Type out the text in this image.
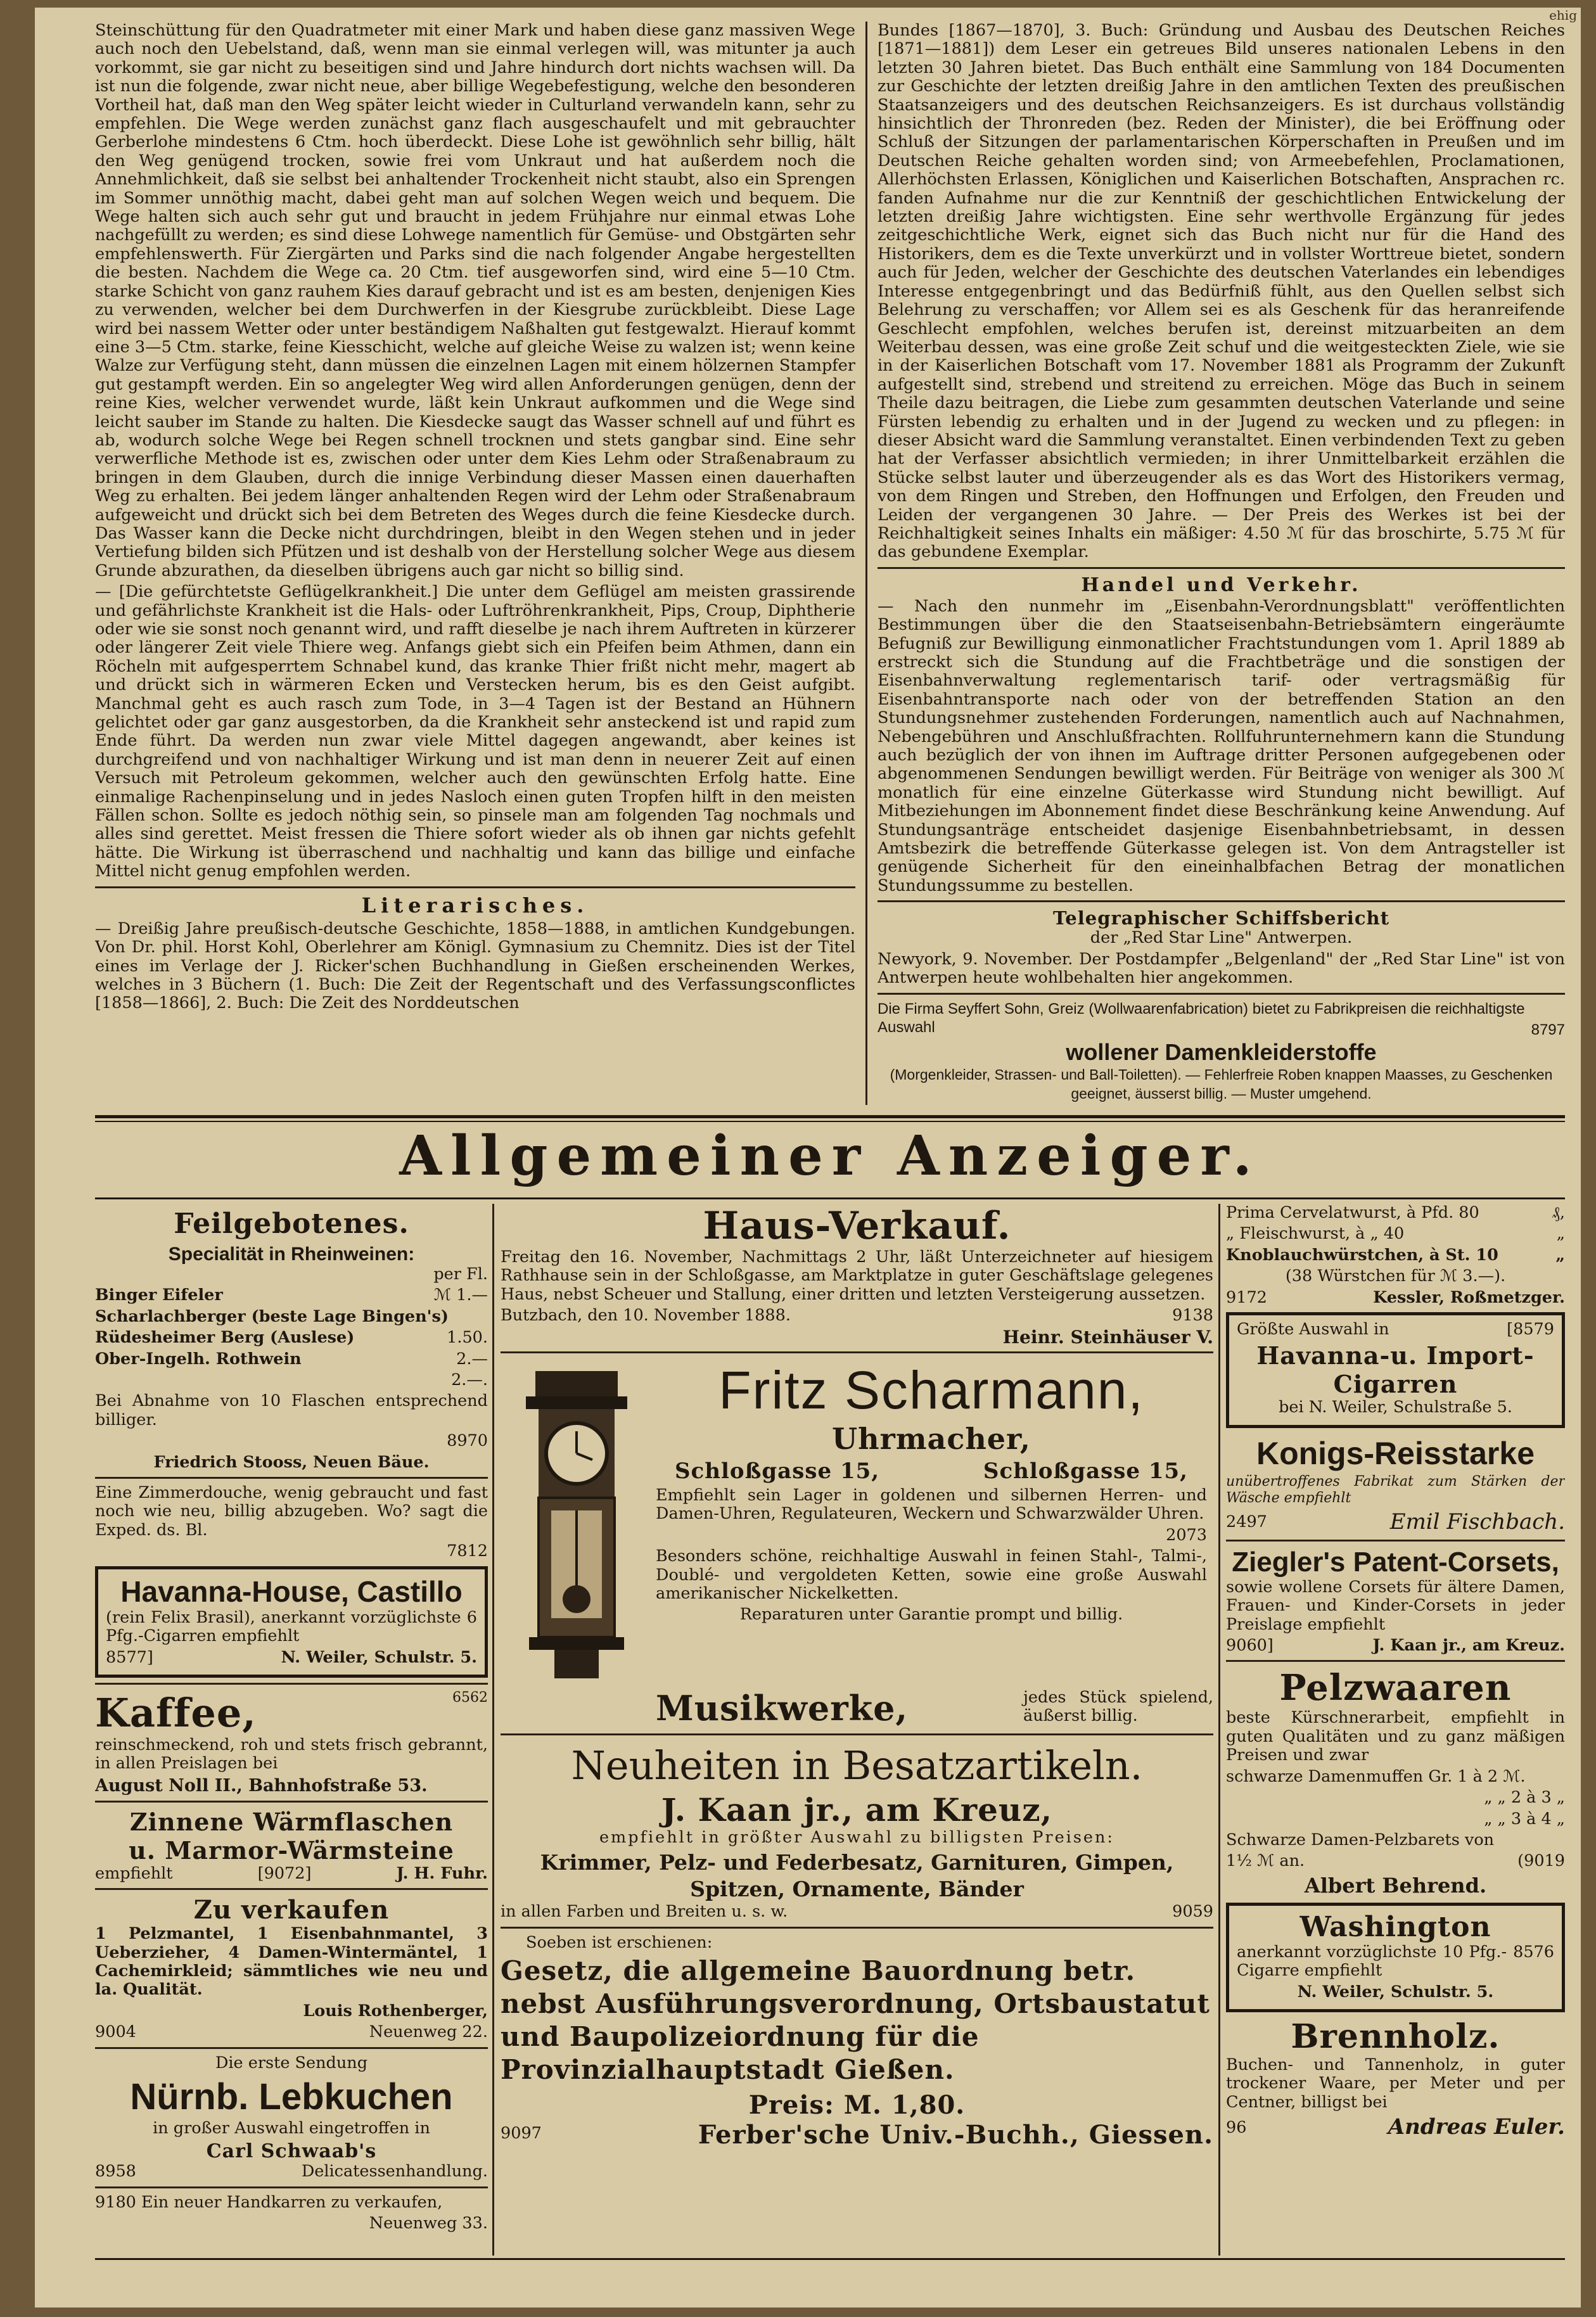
ehig

Steinschüttung für den Quadratmeter mit einer Mark und haben diese ganz massiven Wege auch noch den Uebelstand, daß, wenn man sie einmal verlegen will, was mitunter ja auch vorkommt, sie gar nicht zu beseitigen sind und Jahre hindurch dort nichts wachsen will. Da ist nun die folgende, zwar nicht neue, aber billige Wegebefestigung, welche den besonderen Vortheil hat, daß man den Weg später leicht wieder in Culturland verwandeln kann, sehr zu empfehlen. Die Wege werden zunächst ganz flach ausgeschaufelt und mit gebrauchter Gerberlohe mindestens 6 Ctm. hoch überdeckt. Diese Lohe ist gewöhnlich sehr billig, hält den Weg genügend trocken, sowie frei vom Unkraut und hat außerdem noch die Annehmlichkeit, daß sie selbst bei anhaltender Trockenheit nicht staubt, also ein Sprengen im Sommer unnöthig macht, dabei geht man auf solchen Wegen weich und bequem. Die Wege halten sich auch sehr gut und braucht in jedem Frühjahre nur einmal etwas Lohe nachgefüllt zu werden; es sind diese Lohwege namentlich für Gemüse- und Obstgärten sehr empfehlenswerth. Für Ziergärten und Parks sind die nach folgender Angabe hergestellten die besten. Nachdem die Wege ca. 20 Ctm. tief ausgeworfen sind, wird eine 5—10 Ctm. starke Schicht von ganz rauhem Kies darauf gebracht und ist es am besten, denjenigen Kies zu verwenden, welcher bei dem Durchwerfen in der Kiesgrube zurückbleibt. Diese Lage wird bei nassem Wetter oder unter beständigem Naßhalten gut festgewalzt. Hierauf kommt eine 3—5 Ctm. starke, feine Kiesschicht, welche auf gleiche Weise zu walzen ist; wenn keine Walze zur Verfügung steht, dann müssen die einzelnen Lagen mit einem hölzernen Stampfer gut gestampft werden. Ein so angelegter Weg wird allen Anforderungen genügen, denn der reine Kies, welcher verwendet wurde, läßt kein Unkraut aufkommen und die Wege sind leicht sauber im Stande zu halten. Die Kiesdecke saugt das Wasser schnell auf und führt es ab, wodurch solche Wege bei Regen schnell trocknen und stets gangbar sind. Eine sehr verwerfliche Methode ist es, zwischen oder unter dem Kies Lehm oder Straßenabraum zu bringen in dem Glauben, durch die innige Verbindung dieser Massen einen dauerhaften Weg zu erhalten. Bei jedem länger anhaltenden Regen wird der Lehm oder Straßenabraum aufgeweicht und drückt sich bei dem Betreten des Weges durch die feine Kiesdecke durch. Das Wasser kann die Decke nicht durchdringen, bleibt in den Wegen stehen und in jeder Vertiefung bilden sich Pfützen und ist deshalb von der Herstellung solcher Wege aus diesem Grunde abzurathen, da dieselben übrigens auch gar nicht so billig sind.

— [Die gefürchtetste Geflügelkrankheit.] Die unter dem Geflügel am meisten grassirende und gefährlichste Krankheit ist die Hals- oder Luftröhrenkrankheit, Pips, Croup, Diphtherie oder wie sie sonst noch genannt wird, und rafft dieselbe je nach ihrem Auftreten in kürzerer oder längerer Zeit viele Thiere weg. Anfangs giebt sich ein Pfeifen beim Athmen, dann ein Röcheln mit aufgesperrtem Schnabel kund, das kranke Thier frißt nicht mehr, magert ab und drückt sich in wärmeren Ecken und Verstecken herum, bis es den Geist aufgibt. Manchmal geht es auch rasch zum Tode, in 3—4 Tagen ist der Bestand an Hühnern gelichtet oder gar ganz ausgestorben, da die Krankheit sehr ansteckend ist und rapid zum Ende führt. Da werden nun zwar viele Mittel dagegen angewandt, aber keines ist durchgreifend und von nachhaltiger Wirkung und ist man denn in neuerer Zeit auf einen Versuch mit Petroleum gekommen, welcher auch den gewünschten Erfolg hatte. Eine einmalige Rachenpinselung und in jedes Nasloch einen guten Tropfen hilft in den meisten Fällen schon. Sollte es jedoch nöthig sein, so pinsele man am folgenden Tag nochmals und alles sind gerettet. Meist fressen die Thiere sofort wieder als ob ihnen gar nichts gefehlt hätte. Die Wirkung ist überraschend und nachhaltig und kann das billige und einfache Mittel nicht genug empfohlen werden.

Literarisches.

— Dreißig Jahre preußisch-deutsche Geschichte, 1858—1888, in amtlichen Kundgebungen. Von Dr. phil. Horst Kohl, Oberlehrer am Königl. Gymnasium zu Chemnitz. Dies ist der Titel eines im Verlage der J. Ricker'schen Buchhandlung in Gießen erscheinenden Werkes, welches in 3 Büchern (1. Buch: Die Zeit der Regentschaft und des Verfassungsconflictes [1858—1866], 2. Buch: Die Zeit des Norddeutschen

Bundes [1867—1870], 3. Buch: Gründung und Ausbau des Deutschen Reiches [1871—1881]) dem Leser ein getreues Bild unseres nationalen Lebens in den letzten 30 Jahren bietet. Das Buch enthält eine Sammlung von 184 Documenten zur Geschichte der letzten dreißig Jahre in den amtlichen Texten des preußischen Staatsanzeigers und des deutschen Reichsanzeigers. Es ist durchaus vollständig hinsichtlich der Thronreden (bez. Reden der Minister), die bei Eröffnung oder Schluß der Sitzungen der parlamentarischen Körperschaften in Preußen und im Deutschen Reiche gehalten worden sind; von Armeebefehlen, Proclamationen, Allerhöchsten Erlassen, Königlichen und Kaiserlichen Botschaften, Ansprachen rc. fanden Aufnahme nur die zur Kenntniß der geschichtlichen Entwickelung der letzten dreißig Jahre wichtigsten. Eine sehr werthvolle Ergänzung für jedes zeitgeschichtliche Werk, eignet sich das Buch nicht nur für die Hand des Historikers, dem es die Texte unverkürzt und in vollster Worttreue bietet, sondern auch für Jeden, welcher der Geschichte des deutschen Vaterlandes ein lebendiges Interesse entgegenbringt und das Bedürfniß fühlt, aus den Quellen selbst sich Belehrung zu verschaffen; vor Allem sei es als Geschenk für das heranreifende Geschlecht empfohlen, welches berufen ist, dereinst mitzuarbeiten an dem Weiterbau dessen, was eine große Zeit schuf und die weitgesteckten Ziele, wie sie in der Kaiserlichen Botschaft vom 17. November 1881 als Programm der Zukunft aufgestellt sind, strebend und streitend zu erreichen. Möge das Buch in seinem Theile dazu beitragen, die Liebe zum gesammten deutschen Vaterlande und seine Fürsten lebendig zu erhalten und in der Jugend zu wecken und zu pflegen: in dieser Absicht ward die Sammlung veranstaltet. Einen verbindenden Text zu geben hat der Verfasser absichtlich vermieden; in ihrer Unmittelbarkeit erzählen die Stücke selbst lauter und überzeugender als es das Wort des Historikers vermag, von dem Ringen und Streben, den Hoffnungen und Erfolgen, den Freuden und Leiden der vergangenen 30 Jahre. — Der Preis des Werkes ist bei der Reichhaltigkeit seines Inhalts ein mäßiger: 4.50 ℳ für das broschirte, 5.75 ℳ für das gebundene Exemplar.

Handel und Verkehr.

— Nach den nunmehr im „Eisenbahn-Verordnungsblatt" veröffentlichten Bestimmungen über die den Staatseisenbahn-Betriebsämtern eingeräumte Befugniß zur Bewilligung einmonatlicher Frachtstundungen vom 1. April 1889 ab erstreckt sich die Stundung auf die Frachtbeträge und die sonstigen der Eisenbahnverwaltung reglementarisch tarif- oder vertragsmäßig für Eisenbahntransporte nach oder von der betreffenden Station an den Stundungsnehmer zustehenden Forderungen, namentlich auch auf Nachnahmen, Nebengebühren und Anschlußfrachten. Rollfuhrunternehmern kann die Stundung auch bezüglich der von ihnen im Auftrage dritter Personen aufgegebenen oder abgenommenen Sendungen bewilligt werden. Für Beiträge von weniger als 300 ℳ monatlich für eine einzelne Güterkasse wird Stundung nicht bewilligt. Auf Mitbeziehungen im Abonnement findet diese Beschränkung keine Anwendung. Auf Stundungsanträge entscheidet dasjenige Eisenbahnbetriebsamt, in dessen Amtsbezirk die betreffende Güterkasse gelegen ist. Von dem Antragsteller ist genügende Sicherheit für den eineinhalbfachen Betrag der monatlichen Stundungssumme zu bestellen.

Telegraphischer Schiffsbericht
der „Red Star Line" Antwerpen.

Newyork, 9. November. Der Postdampfer „Belgenland" der „Red Star Line" ist von Antwerpen heute wohlbehalten hier angekommen.

Die Firma Seyffert Sohn, Greiz (Wollwaarenfabrication) bietet zu Fabrikpreisen die reichhaltigste Auswahl	8797
wollener Damenkleiderstoffe

(Morgenkleider, Strassen- und Ball-Toiletten). — Fehlerfreie Roben knappen Maasses, zu Geschenken geeignet, äusserst billig. — Muster umgehend.

Allgemeiner Anzeiger.
Feilgebotenes.
Specialität in Rheinweinen:
per Fl.
Binger Eifeler	ℳ 1.—
Scharlachberger (beste Lage Bingen's)
Rüdesheimer Berg (Auslese)	1.50.
Ober-Ingelh. Rothwein	2.—
2.—.

Bei Abnahme von 10 Flaschen entsprechend billiger.

8970
Friedrich Stooss, Neuen Bäue.

Eine Zimmerdouche, wenig gebraucht und fast noch wie neu, billig abzugeben. Wo? sagt die Exped. ds. Bl.

7812
Havanna-House, Castillo

(rein Felix Brasil), anerkannt vorzüglichste 6 Pfg.-Cigarren empfiehlt

8577]	N. Weiler, Schulstr. 5.
Kaffee,	6562

reinschmeckend, roh und stets frisch gebrannt, in allen Preislagen bei

August Noll II., Bahnhofstraße 53.
Zinnene Wärmflaschen
u. Marmor-Wärmsteine
empfiehlt	[9072]	J. H. Fuhr.
Zu verkaufen

1 Pelzmantel, 1 Eisenbahnmantel, 3 Ueberzieher, 4 Damen-Wintermäntel, 1 Cachemirkleid; sämmtliches wie neu und la. Qualität.

Louis Rothenberger,
9004	Neuenweg 22.
Die erste Sendung
Nürnb. Lebkuchen

in großer Auswahl eingetroffen in

Carl Schwaab's
8958	Delicatessenhandlung.

9180 Ein neuer Handkarren zu verkaufen,

Neuenweg 33.
Haus-Verkauf.

Freitag den 16. November, Nachmittags 2 Uhr, läßt Unterzeichneter auf hiesigem Rathhause sein in der Schloßgasse, am Marktplatze in guter Geschäftslage gelegenes Haus, nebst Scheuer und Stallung, einer dritten und letzten Versteigerung aussetzen.

Butzbach, den 10. November 1888.	9138
Heinr. Steinhäuser V.
Fritz Scharmann,
Uhrmacher,
Schloßgasse 15,	Schloßgasse 15,

Empfiehlt sein Lager in goldenen und silbernen Herren- und Damen-Uhren, Regulateuren, Weckern und Schwarzwälder Uhren.

2073

Besonders schöne, reichhaltige Auswahl in feinen Stahl-, Talmi-, Doublé- und vergoldeten Ketten, sowie eine große Auswahl amerikanischer Nickelketten.

Reparaturen unter Garantie prompt und billig.

Musikwerke,	jedes Stück spielend, äußerst billig.
Neuheiten in Besatzartikeln.
J. Kaan jr., am Kreuz,
empfiehlt in größter Auswahl zu billigsten Preisen:
Krimmer, Pelz- und Federbesatz, Garnituren, Gimpen, Spitzen, Ornamente, Bänder
in allen Farben und Breiten u. s. w.	9059
Soeben ist erschienen:
Gesetz, die allgemeine Bauordnung betr. nebst Ausführungsverordnung, Ortsbaustatut und Baupolizeiordnung für die Provinzialhauptstadt Gießen.
Preis: M. 1,80.
9097	Ferber'sche Univ.-Buchh., Giessen.
Prima Cervelatwurst, à Pfd. 80	₰,
„ Fleischwurst, à „ 40	„
Knoblauchwürstchen, à St. 10	„
(38 Würstchen für ℳ 3.—).
9172	Kessler, Roßmetzger.
Größte Auswahl in	[8579
Havanna-u. Import-
Cigarren
bei N. Weiler, Schulstraße 5.
Konigs-Reisstarke

unübertroffenes Fabrikat zum Stärken der Wäsche empfiehlt

2497	Emil Fischbach.
Ziegler's Patent-Corsets,

sowie wollene Corsets für ältere Damen, Frauen- und Kinder-Corsets in jeder Preislage empfiehlt

9060]	J. Kaan jr., am Kreuz.
Pelzwaaren

beste Kürschnerarbeit, empfiehlt in guten Qualitäten und zu ganz mäßigen Preisen und zwar

schwarze Damenmuffen Gr. 1 à 2 ℳ.
„ „ 2 à 3 „
„ „ 3 à 4 „
Schwarze Damen-Pelzbarets von
1½ ℳ an.	(9019
Albert Behrend.
Washington
anerkannt vorzüglichste 10 Pfg.-Cigarre empfiehlt
8576
N. Weiler, Schulstr. 5.
Brennholz.

Buchen- und Tannenholz, in guter trockener Waare, per Meter und per Centner, billigst bei

96	Andreas Euler.
